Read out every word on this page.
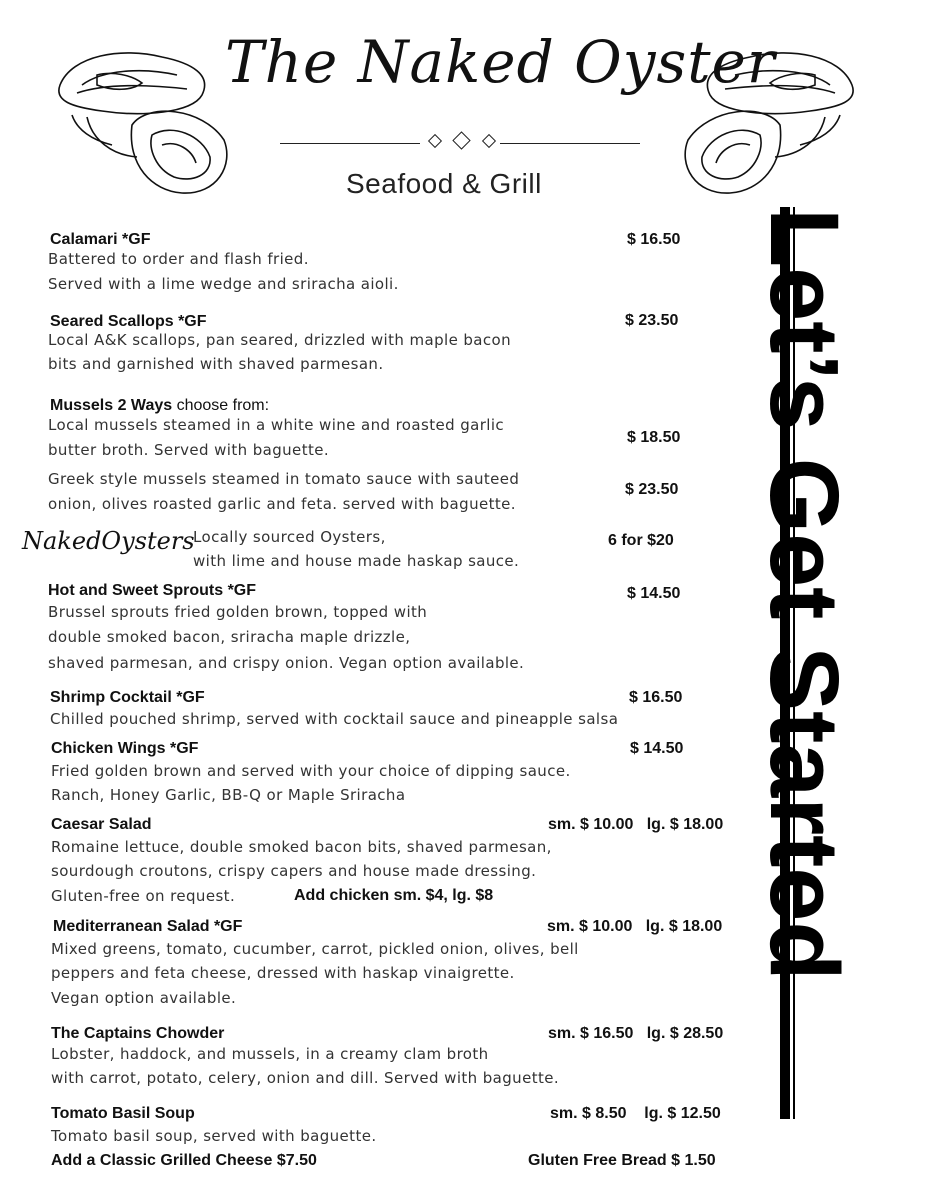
The Naked Oyster
Seafood & Grill
Let’s Get Started
Calamari *GF	$ 16.50
Battered to order and flash fried.
Served with a lime wedge and sriracha aioli.
Seared Scallops *GF	$ 23.50
Local A&K scallops, pan seared, drizzled with maple bacon
bits and garnished with shaved parmesan.
Mussels 2 Ways choose from:
Local mussels steamed in a white wine and roasted garlic
butter broth. Served with baguette.
$ 18.50
Greek style mussels steamed in tomato sauce with sauteed
onion, olives roasted garlic and feta. served with baguette.
$ 23.50
NakedOysters
Locally sourced Oysters,
with lime and house made haskap sauce.
6 for $20
Hot and Sweet Sprouts *GF	$ 14.50
Brussel sprouts fried golden brown, topped with
double smoked bacon, sriracha maple drizzle,
shaved parmesan, and crispy onion. Vegan option available.
Shrimp Cocktail *GF	$ 16.50
Chilled pouched shrimp, served with cocktail sauce and pineapple salsa
Chicken Wings *GF	$ 14.50
Fried golden brown and served with your choice of dipping sauce.
Ranch, Honey Garlic, BB-Q or Maple Sriracha
Caesar Salad	sm. $ 10.00   lg. $ 18.00
Romaine lettuce, double smoked bacon bits, shaved parmesan,
sourdough croutons, crispy capers and house made dressing.
Gluten-free on request.	Add chicken sm. $4, lg. $8
Mediterranean Salad *GF	sm. $ 10.00   lg. $ 18.00
Mixed greens, tomato, cucumber, carrot, pickled onion, olives, bell
peppers and feta cheese, dressed with haskap vinaigrette.
Vegan option available.
The Captains Chowder	sm. $ 16.50   lg. $ 28.50
Lobster, haddock, and mussels, in a creamy clam broth
with carrot, potato, celery, onion and dill. Served with baguette.
Tomato Basil Soup	sm. $ 8.50    lg. $ 12.50
Tomato basil soup, served with baguette.
Add a Classic Grilled Cheese $7.50	Gluten Free Bread $ 1.50
